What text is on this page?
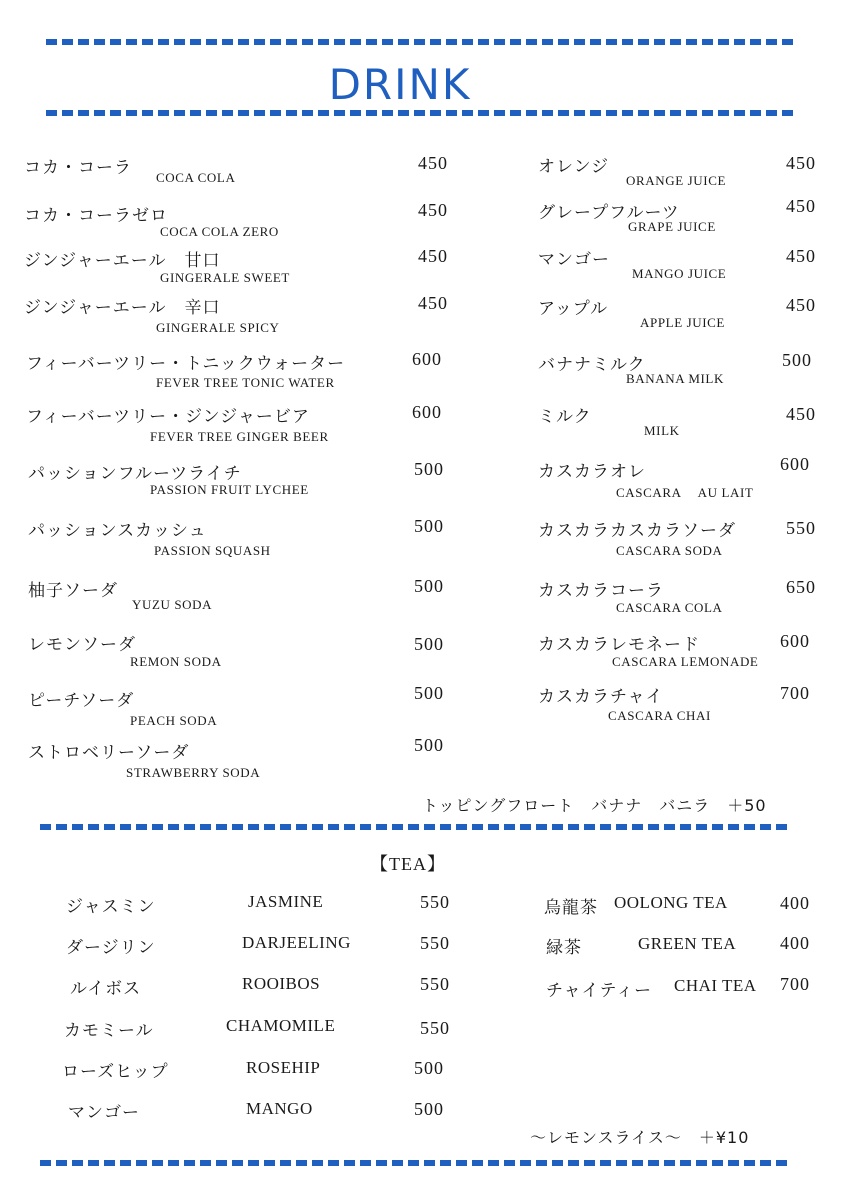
DRINK
コカ・コーラ COCA COLA
450
コカ・コーラゼロ
COCA COLA ZERO
450
ジンジャーエール　甘口
GINGERALE SWEET
450
ジンジャーエール　辛口
GINGERALE SPICY
450
フィーバーツリー・トニックウォーター
FEVER TREE TONIC WATER
600
フィーバーツリー・ジンジャービア
FEVER TREE GINGER BEER
600
パッションフルーツライチ
PASSION FRUIT LYCHEE
500
パッションスカッシュ
PASSION SQUASH
500
柚子ソーダ
YUZU SODA
500
レモンソーダ
REMON SODA
500
ピーチソーダ
PEACH SODA
500
ストロベリーソーダ
STRAWBERRY SODA
500
オレンジ
ORANGE JUICE
450
グレープフルーツ
GRAPE JUICE
450
マンゴー
MANGO JUICE
450
アップル
APPLE JUICE
450
バナナミルク
BANANA MILK
500
ミルク
MILK
450
カスカラオレ
CASCARA　 AU LAIT
600
カスカラカスカラソーダ
CASCARA SODA
550
カスカラコーラ
CASCARA COLA
650
カスカラレモネード
CASCARA LEMONADE
600
カスカラチャイ
CASCARA CHAI
700
トッピングフロート　バナナ　バニラ　＋50
【TEA】
ジャスミン	JASMINE	550
ダージリン	DARJEELING	550
ルイボス	ROOIBOS	550
カモミール	CHAMOMILE	550
ローズヒップ	ROSEHIP	500
マンゴー	MANGO	500
烏龍茶 OOLONG TEA	400
緑茶	GREEN TEA 400
チャイティー CHAI TEA 700
～レモンスライス～　＋¥10
